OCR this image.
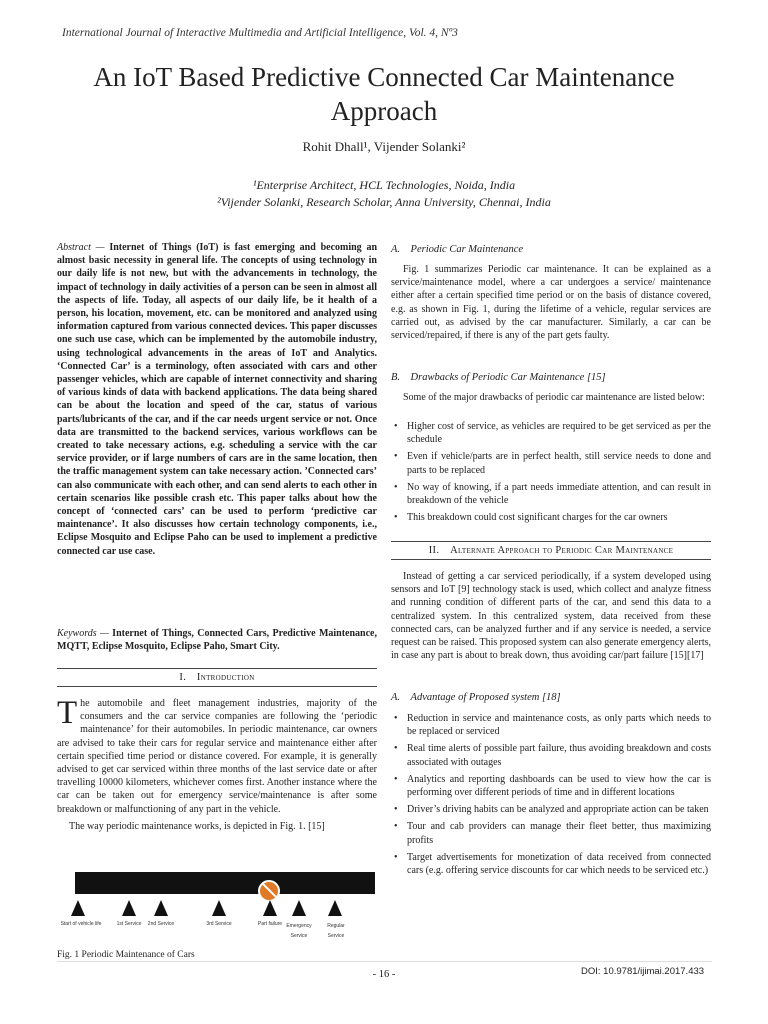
International Journal of Interactive Multimedia and Artificial Intelligence, Vol. 4, Nº3
An IoT Based Predictive Connected Car Maintenance Approach
Rohit Dhall¹, Vijender Solanki²
¹Enterprise Architect, HCL Technologies, Noida, India
²Vijender Solanki, Research Scholar, Anna University, Chennai, India
Abstract — Internet of Things (IoT) is fast emerging and becoming an almost basic necessity in general life. The concepts of using technology in our daily life is not new, but with the advancements in technology, the impact of technology in daily activities of a person can be seen in almost all the aspects of life. Today, all aspects of our daily life, be it health of a person, his location, movement, etc. can be monitored and analyzed using information captured from various connected devices. This paper discusses one such use case, which can be implemented by the automobile industry, using technological advancements in the areas of IoT and Analytics. ‘Connected Car’ is a terminology, often associated with cars and other passenger vehicles, which are capable of internet connectivity and sharing of various kinds of data with backend applications. The data being shared can be about the location and speed of the car, status of various parts/lubricants of the car, and if the car needs urgent service or not. Once data are transmitted to the backend services, various workflows can be created to take necessary actions, e.g. scheduling a service with the car service provider, or if large numbers of cars are in the same location, then the traffic management system can take necessary action. ’Connected cars’ can also communicate with each other, and can send alerts to each other in certain scenarios like possible crash etc. This paper talks about how the concept of ‘connected cars’ can be used to perform ‘predictive car maintenance’. It also discusses how certain technology components, i.e., Eclipse Mosquito and Eclipse Paho can be used to implement a predictive connected car use case.
Keywords — Internet of Things, Connected Cars, Predictive Maintenance, MQTT, Eclipse Mosquito, Eclipse Paho, Smart City.
I. Introduction
The automobile and fleet management industries, majority of the consumers and the car service companies are following the ‘periodic maintenance’ for their automobiles. In periodic maintenance, car owners are advised to take their cars for regular service and maintenance either after certain specified time period or distance covered. For example, it is generally advised to get car serviced within three months of the last service date or after travelling 10000 kilometers, whichever comes first. Another instance where the car can be taken out for emergency service/maintenance is after some breakdown or malfunctioning of any part in the vehicle.

The way periodic maintenance works, is depicted in Fig. 1. [15]

Start of vehicle life	1st Service	2nd Service	3rd Service	Part failure Emergency Service
Regular Service
Fig. 1 Periodic Maintenance of Cars
A. Periodic Car Maintenance

Fig. 1 summarizes Periodic car maintenance. It can be explained as a service/maintenance model, where a car undergoes a service/ maintenance either after a certain specified time period or on the basis of distance covered, e.g. as shown in Fig. 1, during the lifetime of a vehicle, regular services are carried out, as advised by the car manufacturer. Similarly, a car can be serviced/repaired, if there is any of the part gets faulty.

B. Drawbacks of Periodic Car Maintenance [15]

Some of the major drawbacks of periodic car maintenance are listed below:

• Higher cost of service, as vehicles are required to be get serviced as per the schedule
• Even if vehicle/parts are in perfect health, still service needs to done and parts to be replaced
• No way of knowing, if a part needs immediate attention, and can result in breakdown of the vehicle
• This breakdown could cost significant charges for the car owners
II. Alternate Approach to Periodic Car Maintenance

Instead of getting a car serviced periodically, if a system developed using sensors and IoT [9] technology stack is used, which collect and analyze fitness and running condition of different parts of the car, and send this data to a centralized system. In this centralized system, data received from these connected cars, can be analyzed further and if any service is needed, a service request can be raised. This proposed system can also generate emergency alerts, in case any part is about to break down, thus avoiding car/part failure [15][17]

A. Advantage of Proposed system [18]
• Reduction in service and maintenance costs, as only parts which needs to be replaced or serviced
• Real time alerts of possible part failure, thus avoiding breakdown and costs associated with outages
• Analytics and reporting dashboards can be used to view how the car is performing over different periods of time and in different locations
• Driver’s driving habits can be analyzed and appropriate action can be taken
• Tour and cab providers can manage their fleet better, thus maximizing profits
• Target advertisements for monetization of data received from connected cars (e.g. offering service discounts for car which needs to be serviced etc.)
- 16 -	DOI: 10.9781/ijimai.2017.433
